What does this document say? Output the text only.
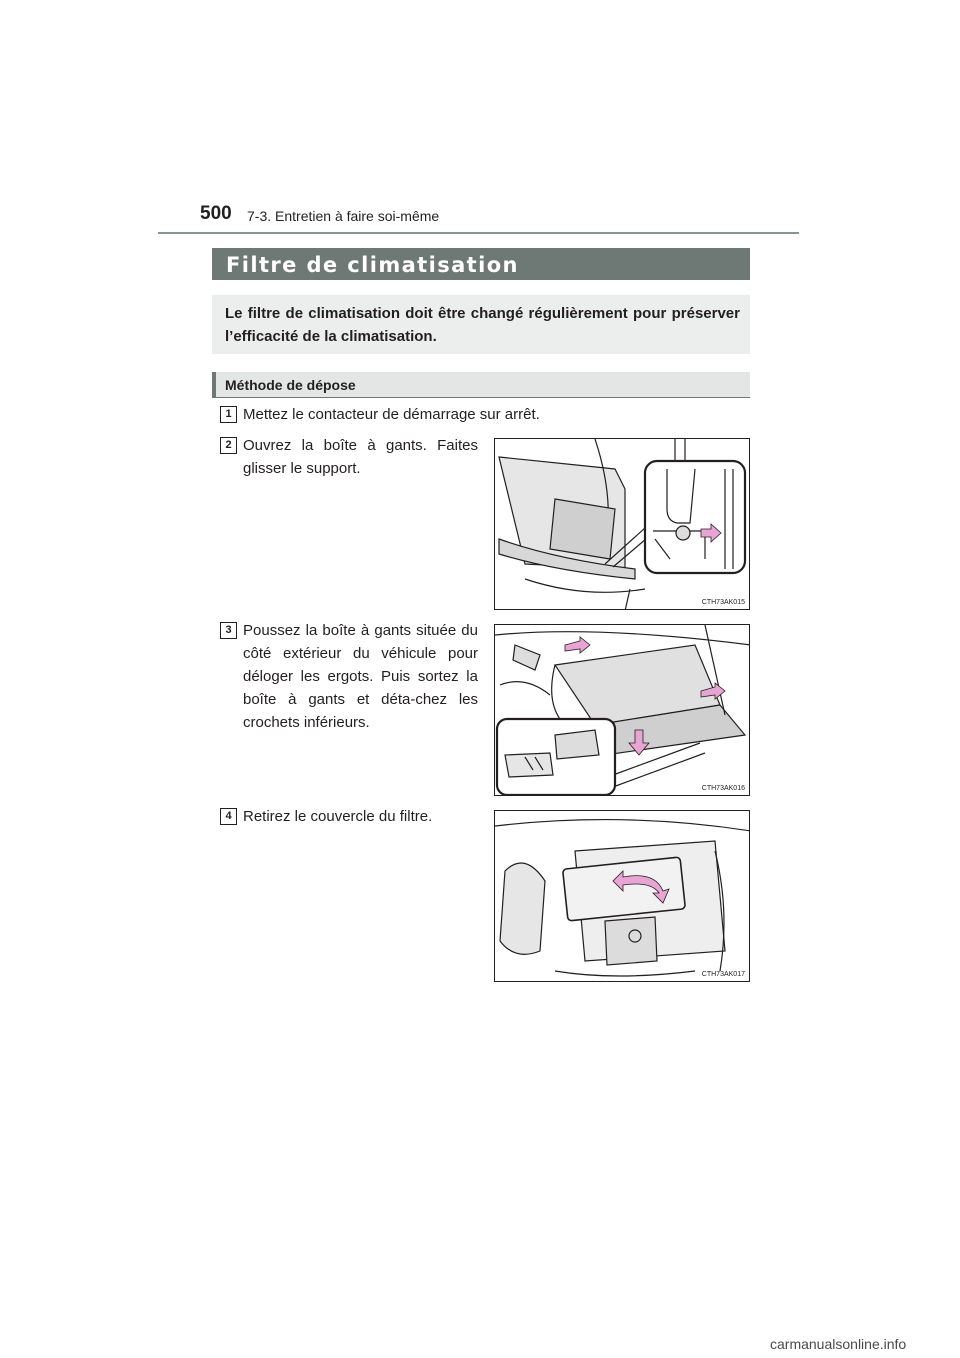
500 7-3. Entretien à faire soi-même
Filtre de climatisation
Le filtre de climatisation doit être changé régulièrement pour préserver l’efficacité de la climatisation.
Méthode de dépose
1 Mettez le contacteur de démarrage sur arrêt.
2 Ouvrez la boîte à gants. Faites glisser le support.
CTH73AK015
3 Poussez la boîte à gants située du côté extérieur du véhicule pour déloger les ergots. Puis sortez la boîte à gants et déta-chez les crochets inférieurs.
CTH73AK016
4 Retirez le couvercle du filtre.
CTH73AK017
carmanualsonline.info
